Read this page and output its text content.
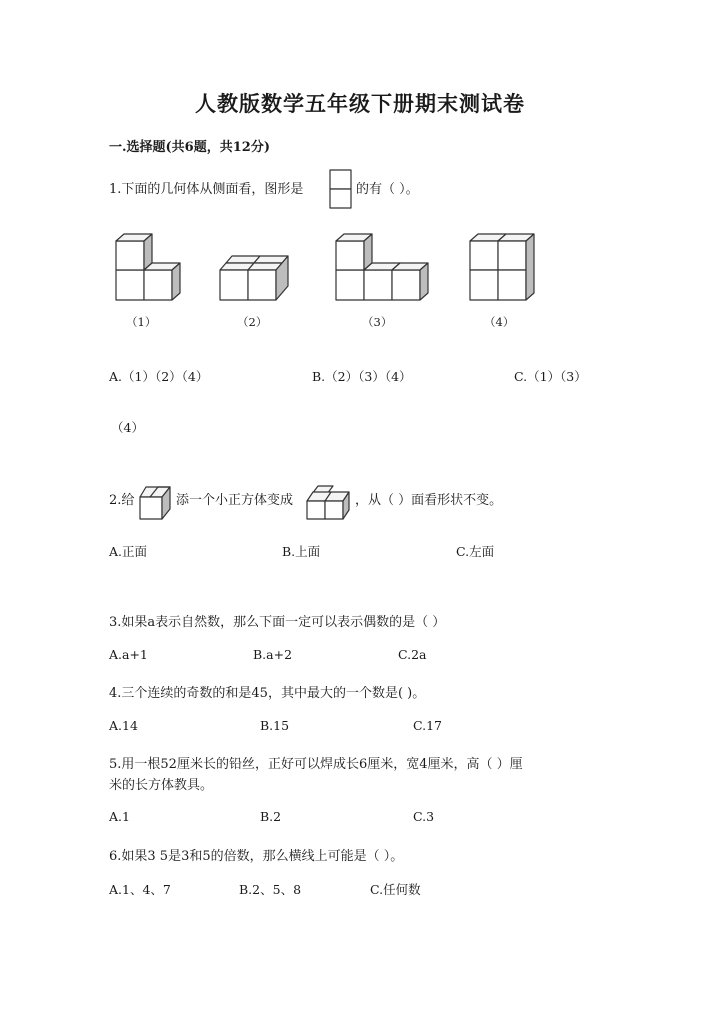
人教版数学五年级下册期末测试卷
一.选择题(共6题，共12分)
1.下面的几何体从侧面看，图形是	的有（ ）。
（1）	（2）	（3）	（4）
A.（1）（2）（4）	B.（2）（3）（4）	C.（1）（3）
（4）
2.给	添一个小正方体变成	，从（ ）面看形状不变。
A.正面	B.上面	C.左面
3.如果a表示自然数，那么下面一定可以表示偶数的是（ ）
A.a+1	B.a+2	C.2a
4.三个连续的奇数的和是45，其中最大的一个数是( )。
A.14	B.15	C.17
5.用一根52厘米长的铅丝，正好可以焊成长6厘米，宽4厘米，高（ ）厘
米的长方体教具。
A.1	B.2	C.3
6.如果3 5是3和5的倍数，那么横线上可能是（ ）。
A.1、4、7	B.2、5、8	C.任何数
